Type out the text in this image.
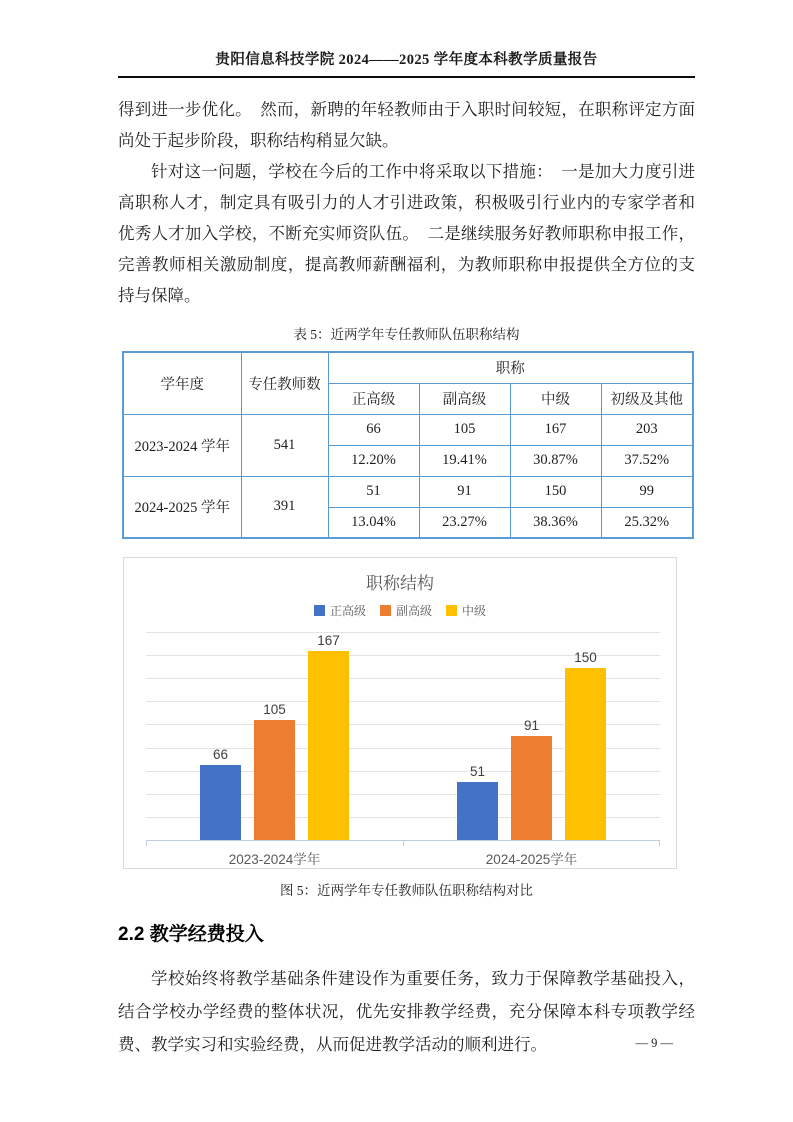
贵阳信息科技学院 2024——2025 学年度本科教学质量报告

得到进一步优化。　然而，新聘的年轻教师由于入职时间较短，在职称评定方面尚处于起步阶段，职称结构稍显欠缺。

针对这一问题，学校在今后的工作中将采取以下措施：　一是加大力度引进高职称人才，制定具有吸引力的人才引进政策，积极吸引行业内的专家学者和优秀人才加入学校，不断充实师资队伍。　二是继续服务好教师职称申报工作，完善教师相关激励制度，提高教师薪酬福利，为教师职称申报提供全方位的支持与保障。

表 5：近两学年专任教师队伍职称结构
学年度	专任教师数	职称			
		正高级	副高级	中级	初级及其他
2023-2024 学年	541	66	105	167	203
		12.20%	19.41%	30.87%	37.52%
2024-2025 学年	391	51	91	150	99
		13.04%	23.27%	38.36%	25.32%
职称结构
正高级	副高级	中级
66
105
167
51
91
150
2023-2024学年	2024-2025学年
图 5：近两学年专任教师队伍职称结构对比
2.2 教学经费投入

学校始终将教学基础条件建设作为重要任务，致力于保障教学基础投入，结合学校办学经费的整体状况，优先安排教学经费，充分保障本科专项教学经费、教学实习和实验经费，从而促进教学活动的顺利进行。	— 9 —
